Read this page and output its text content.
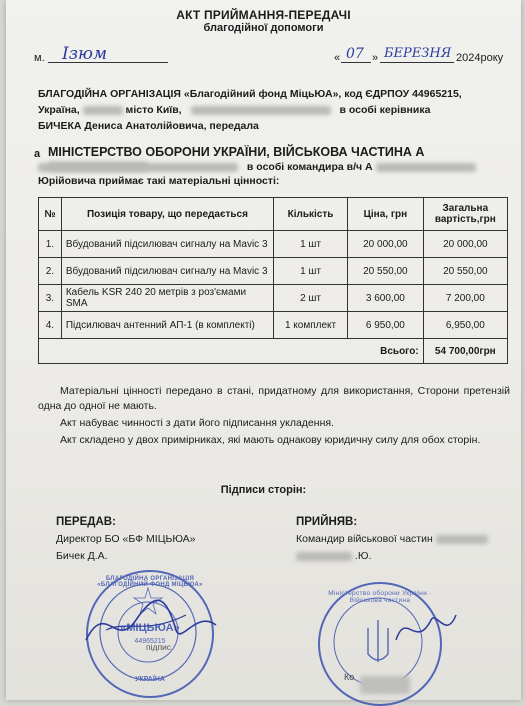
АКТ ПРИЙМАННЯ-ПЕРЕДАЧІ
благодійної допомоги
м. Ізюм	« 07 » БЕРЕЗНЯ 2024року
БЛАГОДІЙНА ОРГАНІЗАЦІЯ «Благодійний фонд МіцьЮА», код ЄДРПОУ 44965215,
Україна,	місто Київ,	в особі керівника
БИЧЕКА Дениса Анатолійовича, передала
а МІНІСТЕРСТВО ОБОРОНИ УКРАЇНИ, ВІЙСЬКОВА ЧАСТИНА А
в особі командира в/ч А
Юрійовича приймає такі матеріальні цінності:
№	Позиція товару, що передається	Кількість	Ціна, грн	Загальна вартість,грн
1.	Вбудований підсилювач сигналу на Mavic 3	1 шт	20 000,00	20 000,00
2.	Вбудований підсилювач сигналу на Mavic 3	1 шт	20 550,00	20 550,00
3.	Кабель KSR 240 20 метрів з роз'ємами SMA	2 шт	3 600,00	7 200,00
4.	Підсилювач антенний АП-1 (в комплекті)	1 комплект	6 950,00	6,950,00
			Всього:	54 700,00грн
Матеріальні цінності передано в стані, придатному для використання, Сторони претензій одна до одної не мають.
Акт набуває чинності з дати його підписання укладення.
Акт складено у двох примірниках, які мають однакову юридичну силу для обох сторін.
Підписи сторін:
ПЕРЕДАВ:
Директор БО «БФ МІЦЬЮА»
Бичек Д.А.
ПРИЙНЯВ:
Командир військової частин
.Ю.
підпис
БЛАГОДІЙНА ОРГАНІЗАЦІЯ «БЛАГОДІЙНИЙ ФОНД МІЦЬЮА»
«МІЦЬЮА»
44965215
УКРАЇНА
Міністерство оборони України · Військова частина
Ко
